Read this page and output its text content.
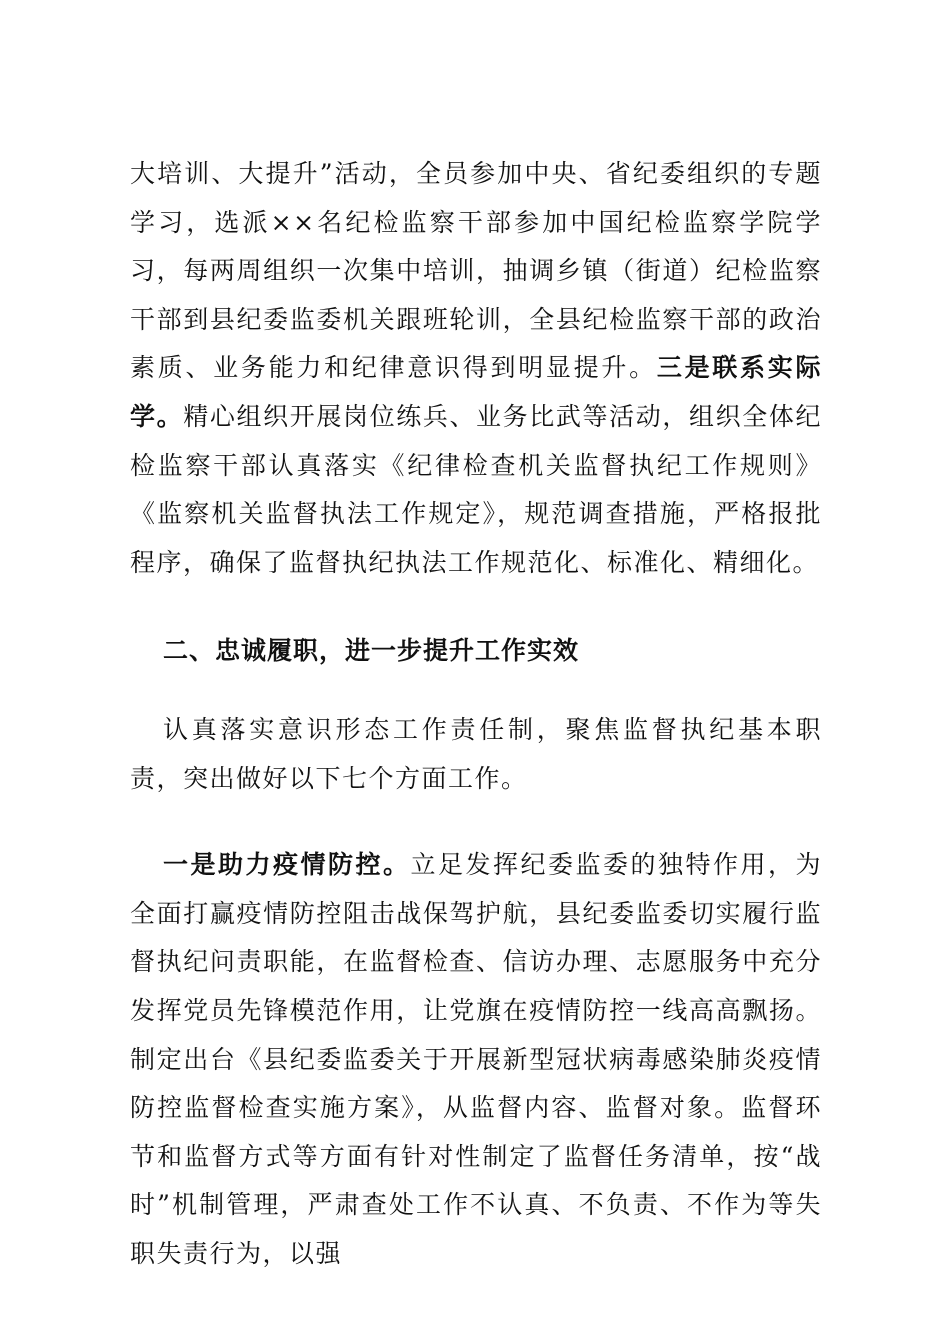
大培训、大提升”活动，全员参加中央、省纪委组织的专题学习，选派××名纪检监察干部参加中国纪检监察学院学习，每两周组织一次集中培训，抽调乡镇（街道）纪检监察干部到县纪委监委机关跟班轮训，全县纪检监察干部的政治素质、业务能力和纪律意识得到明显提升。三是联系实际学。精心组织开展岗位练兵、业务比武等活动，组织全体纪检监察干部认真落实《纪律检查机关监督执纪工作规则》《监察机关监督执法工作规定》，规范调查措施，严格报批程序，确保了监督执纪执法工作规范化、标准化、精细化。

二、忠诚履职，进一步提升工作实效

认真落实意识形态工作责任制，聚焦监督执纪基本职责，突出做好以下七个方面工作。

一是助力疫情防控。立足发挥纪委监委的独特作用，为全面打赢疫情防控阻击战保驾护航，县纪委监委切实履行监督执纪问责职能，在监督检查、信访办理、志愿服务中充分发挥党员先锋模范作用，让党旗在疫情防控一线高高飘扬。制定出台《县纪委监委关于开展新型冠状病毒感染肺炎疫情防控监督检查实施方案》，从监督内容、监督对象。监督环节和监督方式等方面有针对性制定了监督任务清单，按“战时”机制管理，严肃查处工作不认真、不负责、不作为等失职失责行为，以强
